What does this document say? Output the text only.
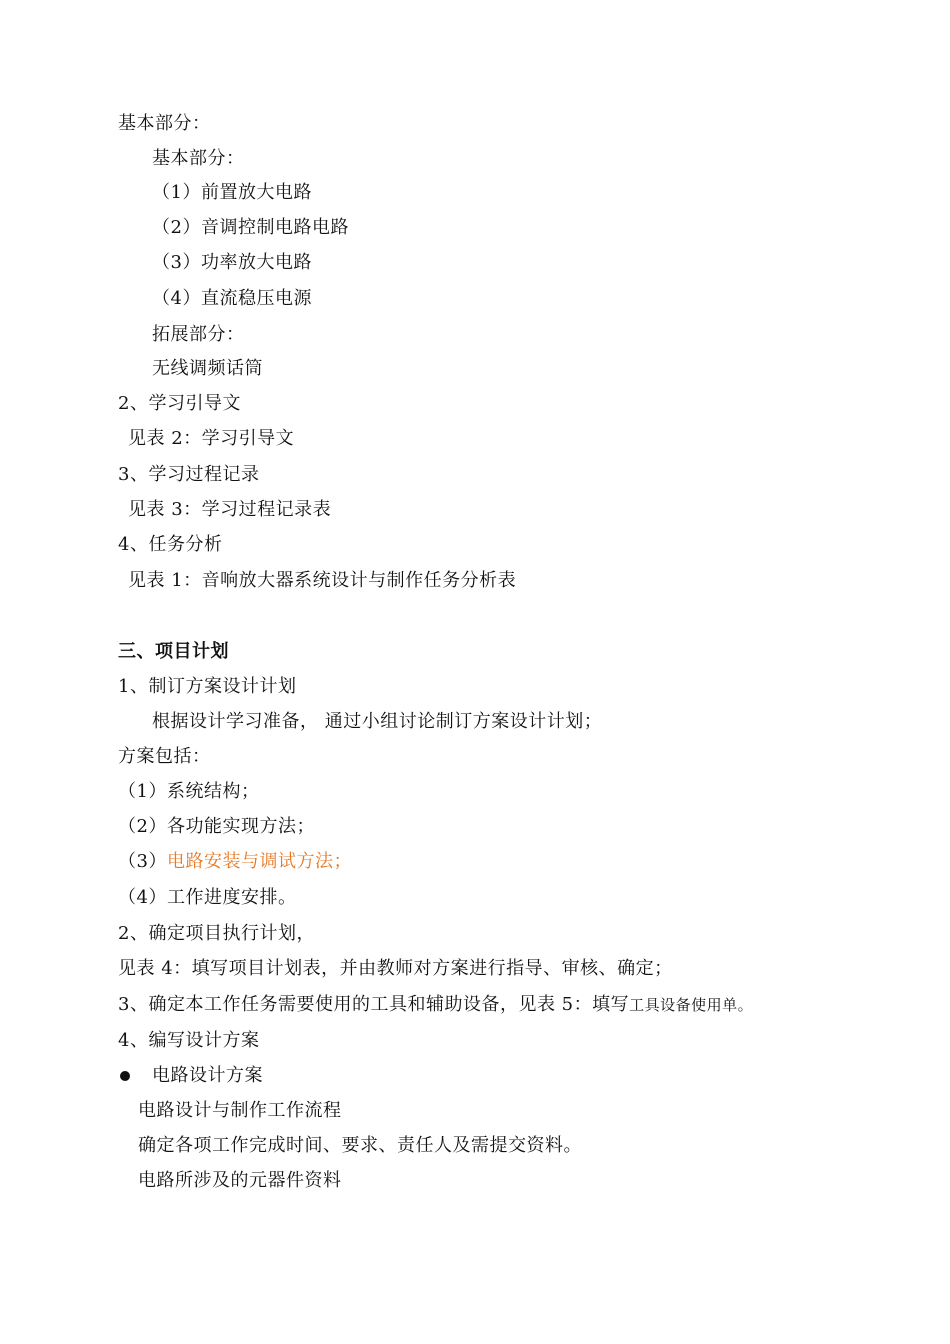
基本部分：
基本部分：
（1）前置放大电路
（2）音调控制电路电路
（3）功率放大电路
（4）直流稳压电源
拓展部分：
无线调频话筒
2、学习引导文
见表 2：学习引导文
3、学习过程记录
见表 3：学习过程记录表
4、任务分析
见表 1：音响放大器系统设计与制作任务分析表
三、项目计划
1、制订方案设计计划
根据设计学习准备， 通过小组讨论制订方案设计计划；
方案包括：
（1）系统结构；
（2）各功能实现方法；
（3）电路安装与调试方法；
（4）工作进度安排。
2、确定项目执行计划，
见表 4：填写项目计划表，并由教师对方案进行指导、审核、确定；
3、确定本工作任务需要使用的工具和辅助设备，见表 5：填写工具设备使用单。
4、编写设计方案
电路设计方案
电路设计与制作工作流程
确定各项工作完成时间、要求、责任人及需提交资料。
电路所涉及的元器件资料
